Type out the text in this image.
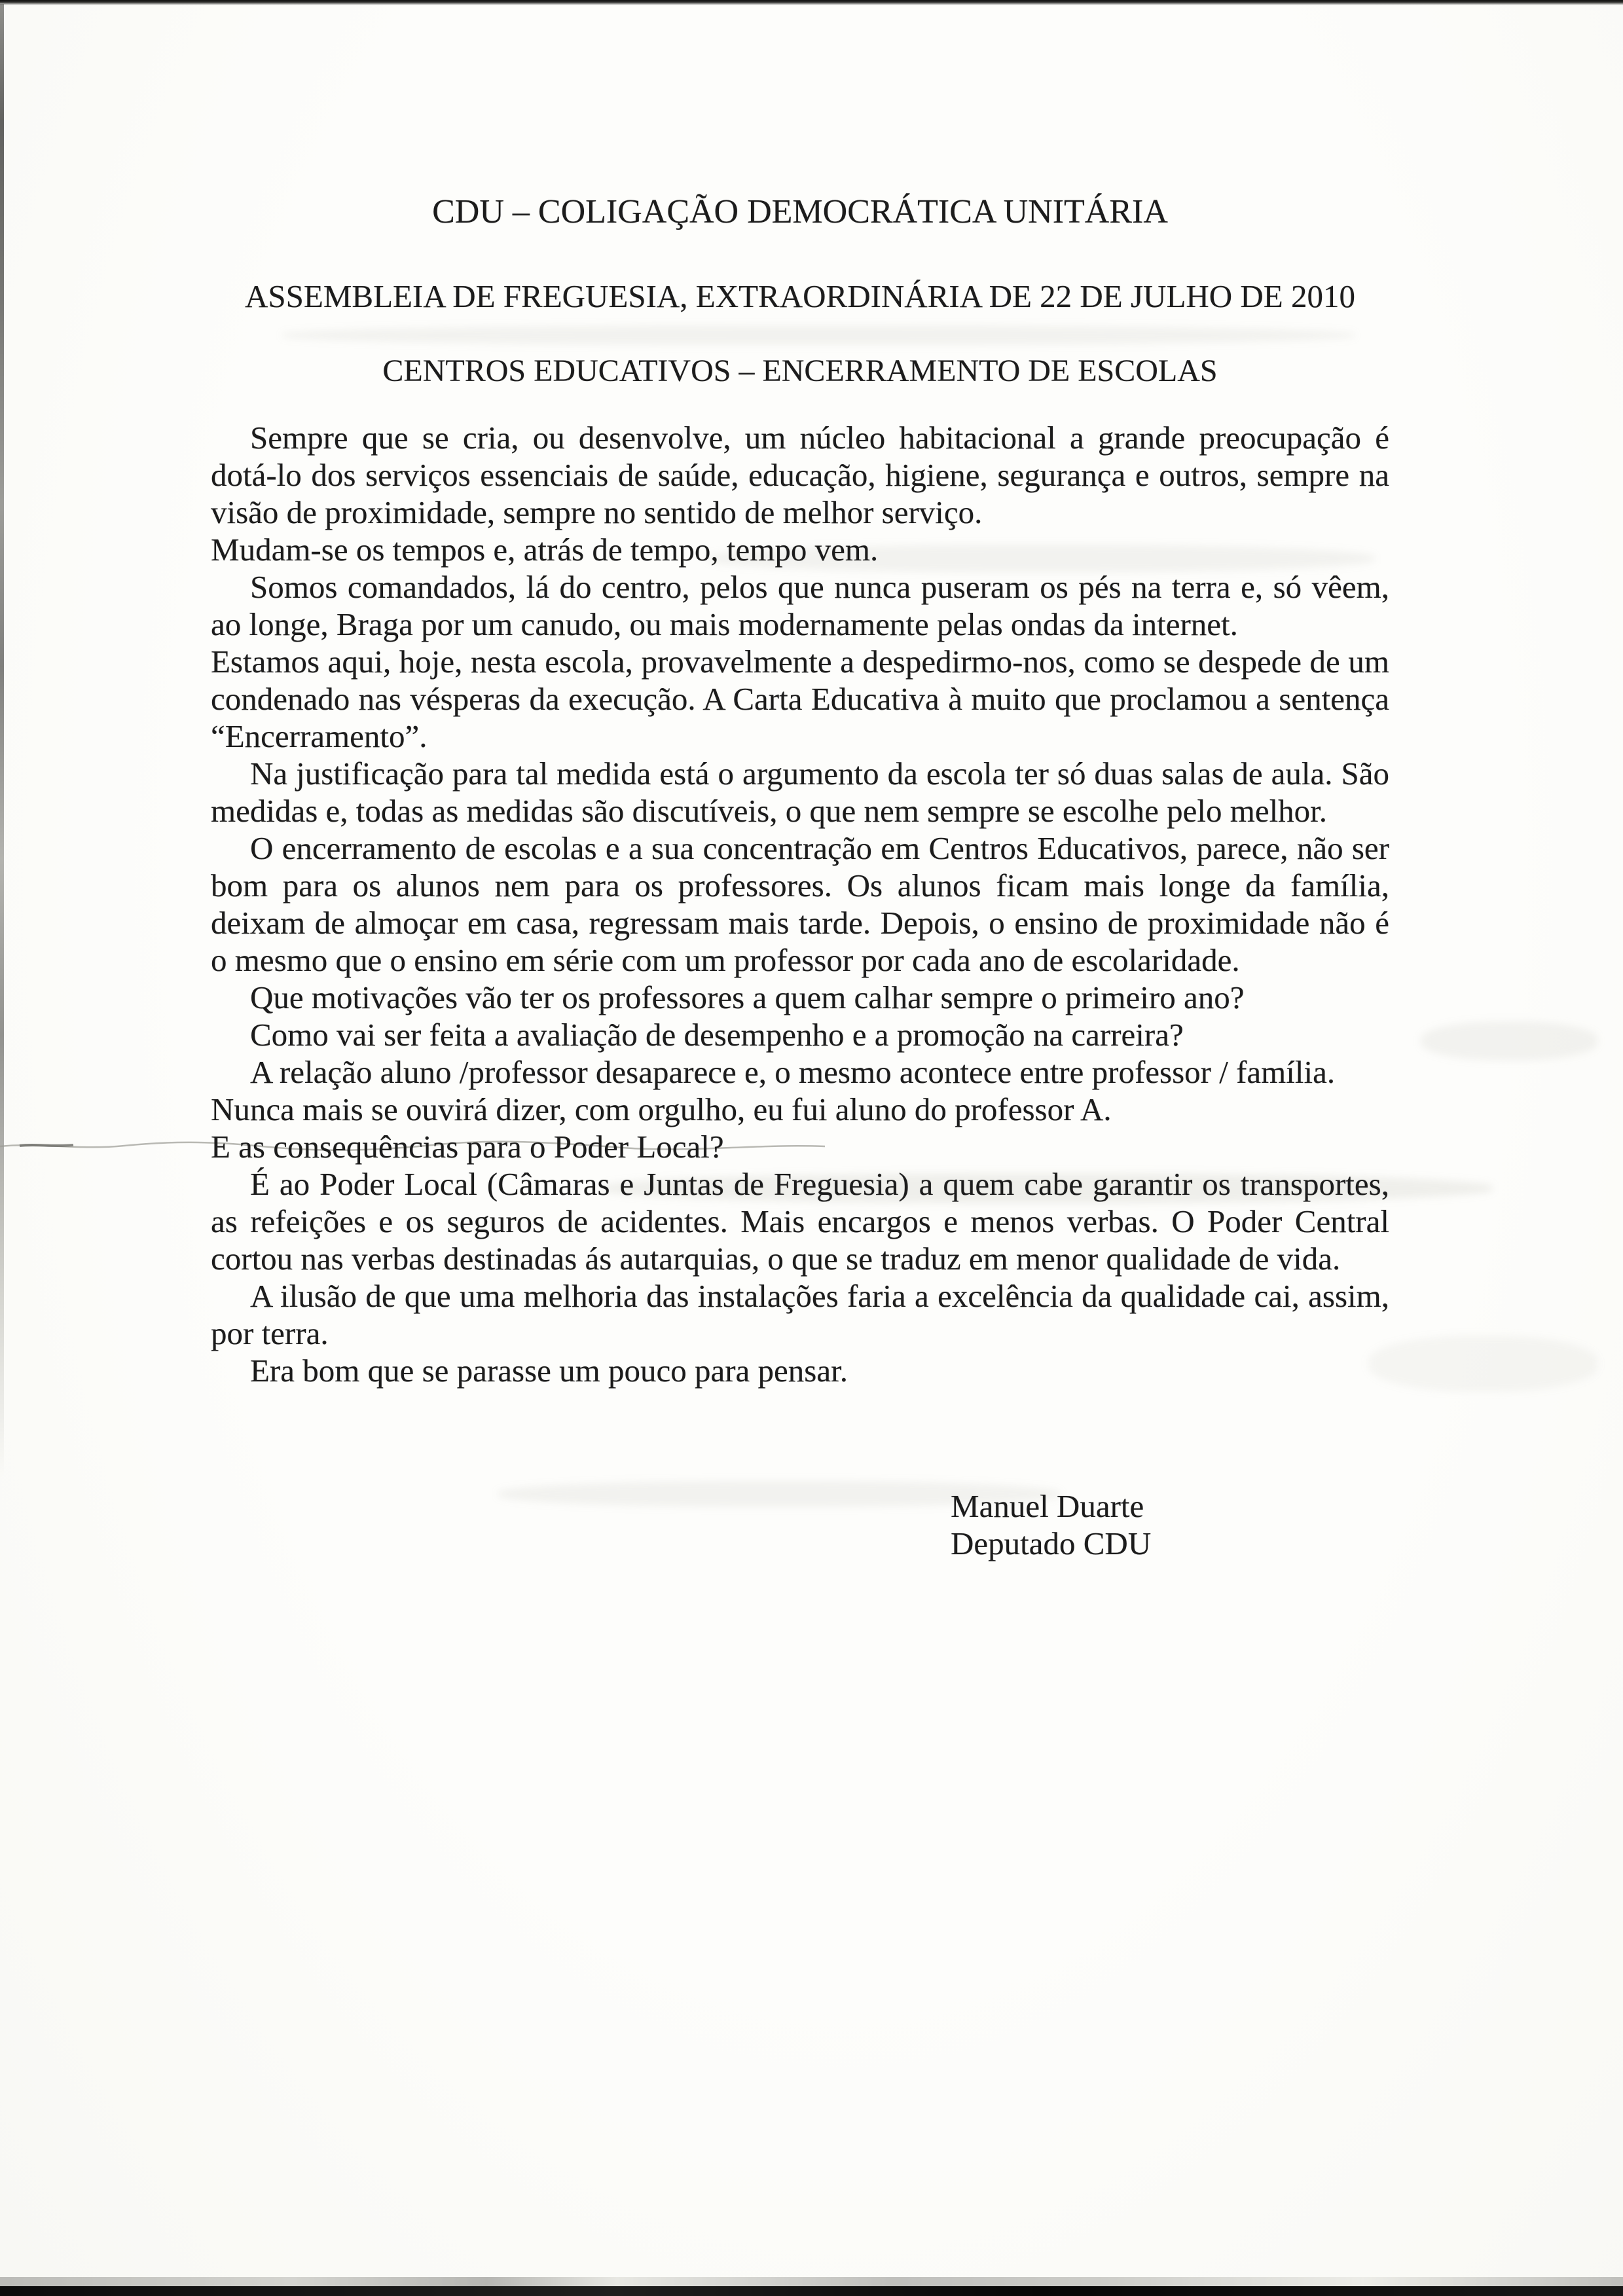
CDU – COLIGAÇÃO DEMOCRÁTICA UNITÁRIA
ASSEMBLEIA DE FREGUESIA, EXTRAORDINÁRIA DE 22 DE JULHO DE 2010
CENTROS EDUCATIVOS – ENCERRAMENTO DE ESCOLAS

Sempre que se cria, ou desenvolve, um núcleo habitacional a grande preocupação é dotá-lo dos serviços essenciais de saúde, educação, higiene, segurança e outros, sempre na visão de proximidade, sempre no sentido de melhor serviço.

Mudam-se os tempos e, atrás de tempo, tempo vem.

Somos comandados, lá do centro, pelos que nunca puseram os pés na terra e, só vêem, ao longe, Braga por um canudo, ou mais modernamente pelas ondas da internet.

Estamos aqui, hoje, nesta escola, provavelmente a despedirmo-nos, como se despede de um condenado nas vésperas da execução. A Carta Educativa à muito que proclamou a sentença “Encerramento”.

Na justificação para tal medida está o argumento da escola ter só duas salas de aula. São medidas e, todas as medidas são discutíveis, o que nem sempre se escolhe pelo melhor.

O encerramento de escolas e a sua concentração em Centros Educativos, parece, não ser bom para os alunos nem para os professores. Os alunos ficam mais longe da família, deixam de almoçar em casa, regressam mais tarde. Depois, o ensino de proximidade não é o mesmo que o ensino em série com um professor por cada ano de escolaridade.

Que motivações vão ter os professores a quem calhar sempre o primeiro ano?

Como vai ser feita a avaliação de desempenho e a promoção na carreira?

A relação aluno /professor desaparece e, o mesmo acontece entre professor / família.

Nunca mais se ouvirá dizer, com orgulho, eu fui aluno do professor A.

E as consequências para o Poder Local?

É ao Poder Local (Câmaras e Juntas de Freguesia) a quem cabe garantir os transportes, as refeições e os seguros de acidentes. Mais encargos e menos verbas. O Poder Central cortou nas verbas destinadas ás autarquias, o que se traduz em menor qualidade de vida.

A ilusão de que uma melhoria das instalações faria a excelência da qualidade cai, assim, por terra.

Era bom que se parasse um pouco para pensar.

Manuel Duarte
Deputado CDU
